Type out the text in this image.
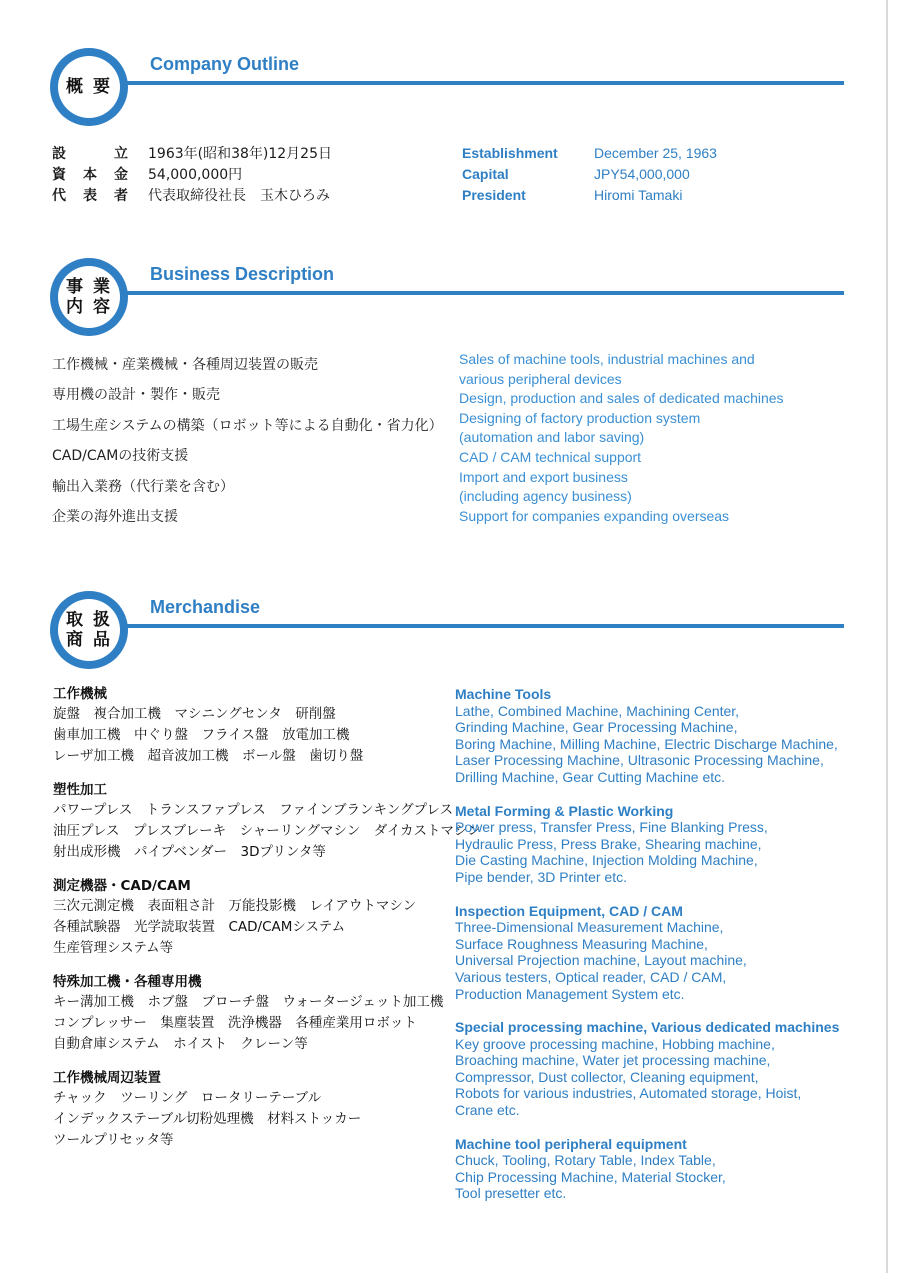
概 要
Company Outline
設	立 1963年(昭和38年)12月25日
資 本 金 54,000,000円
代 表 者 代表取締役社長　玉木ひろみ
Establishment	December 25, 1963
Capital	JPY54,000,000
President	Hiromi Tamaki
事 業
内 容
Business Description
工作機械・産業機械・各種周辺装置の販売
専用機の設計・製作・販売
工場生産システムの構築（ロボット等による自動化・省力化）
CAD/CAMの技術支援
輸出入業務（代行業を含む）
企業の海外進出支援
Sales of machine tools, industrial machines and
various peripheral devices
Design, production and sales of dedicated machines
Designing of factory production system
(automation and labor saving)
CAD / CAM technical support
Import and export business
(including agency business)
Support for companies expanding overseas
取 扱
商 品
Merchandise
工作機械
旋盤　複合加工機　マシニングセンタ　研削盤
歯車加工機　中ぐり盤　フライス盤　放電加工機
レーザ加工機　超音波加工機　ボール盤　歯切り盤
塑性加工
パワープレス　トランスファプレス　ファインブランキングプレス
油圧プレス　プレスブレーキ　シャーリングマシン　ダイカストマシン
射出成形機　パイプベンダー　3Dプリンタ等
測定機器・CAD/CAM
三次元測定機　表面粗さ計　万能投影機　レイアウトマシン
各種試験器　光学読取装置　CAD/CAMシステム
生産管理システム等
特殊加工機・各種専用機
キー溝加工機　ホブ盤　ブローチ盤　ウォータージェット加工機
コンプレッサー　集塵装置　洗浄機器　各種産業用ロボット
自動倉庫システム　ホイスト　クレーン等
工作機械周辺装置
チャック　ツーリング　ロータリーテーブル
インデックステーブル切粉処理機　材料ストッカー
ツールプリセッタ等
Machine Tools
Lathe, Combined Machine, Machining Center,
Grinding Machine, Gear Processing Machine,
Boring Machine, Milling Machine, Electric Discharge Machine,
Laser Processing Machine, Ultrasonic Processing Machine,
Drilling Machine, Gear Cutting Machine etc.
Metal Forming & Plastic Working
Power press, Transfer Press, Fine Blanking Press,
Hydraulic Press, Press Brake, Shearing machine,
Die Casting Machine, Injection Molding Machine,
Pipe bender, 3D Printer etc.
Inspection Equipment, CAD / CAM
Three-Dimensional Measurement Machine,
Surface Roughness Measuring Machine,
Universal Projection machine, Layout machine,
Various testers, Optical reader, CAD / CAM,
Production Management System etc.
Special processing machine, Various dedicated machines
Key groove processing machine, Hobbing machine,
Broaching machine, Water jet processing machine,
Compressor, Dust collector, Cleaning equipment,
Robots for various industries, Automated storage, Hoist,
Crane etc.
Machine tool peripheral equipment
Chuck, Tooling, Rotary Table, Index Table,
Chip Processing Machine, Material Stocker,
Tool presetter etc.
